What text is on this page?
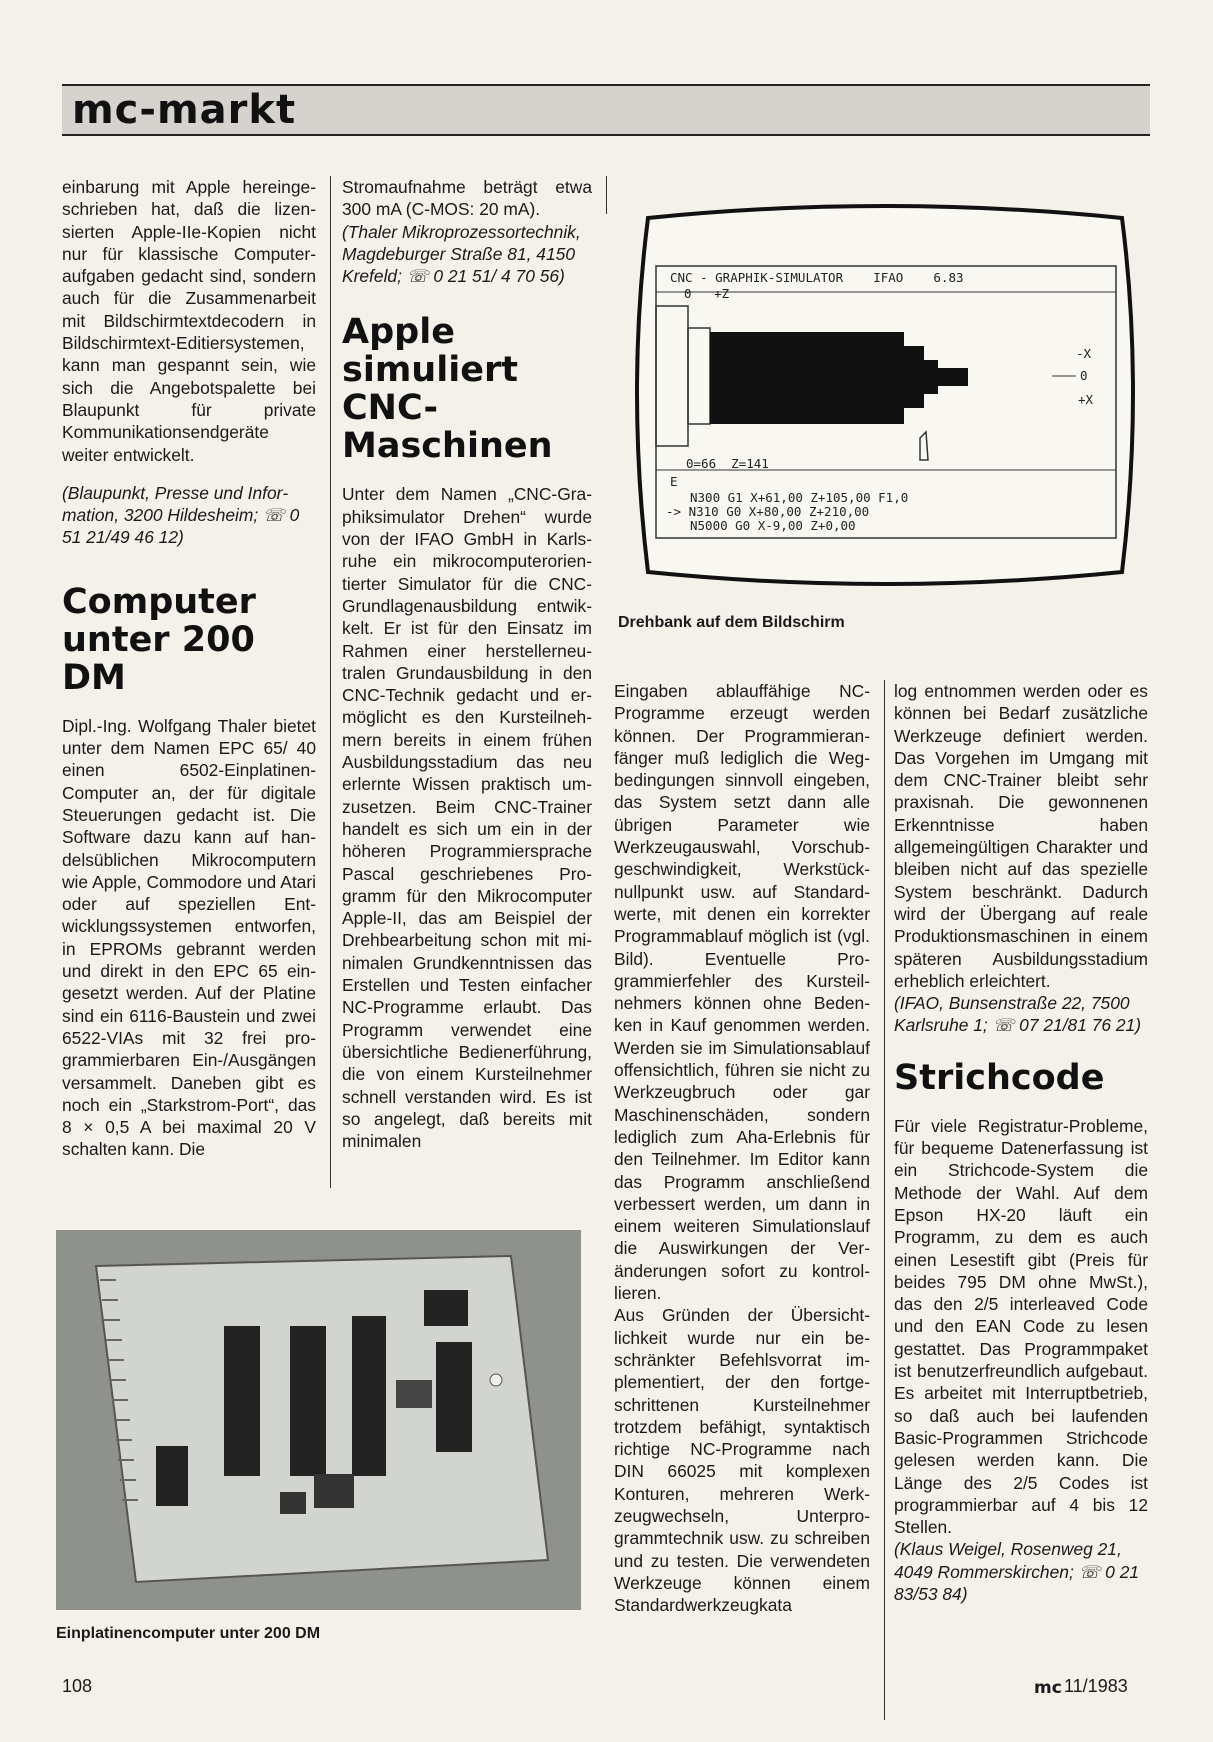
mc-markt

einbarung mit Apple hereingeschrieben hat, daß die lizensierten Apple-IIe-Kopien nicht nur für klassische Computeraufgaben gedacht sind, sondern auch für die Zusammenarbeit mit Bildschirmtextdecodern in Bildschirmtext-Editiersystemen, kann man gespannt sein, wie sich die Angebotspalette bei Blaupunkt für private Kommunikationsendgeräte weiter entwickelt.

(Blaupunkt, Presse und Information, 3200 Hildesheim; ☏ 0 51 21/49 46 12)

Computer unter 200 DM

Dipl.-Ing. Wolfgang Thaler bietet unter dem Namen EPC 65/ 40 einen 6502-Einplatinen-Computer an, der für digitale Steuerungen gedacht ist. Die Software dazu kann auf handelsüblichen Mikrocomputern wie Apple, Commodore und Atari oder auf speziellen Entwicklungssystemen entworfen, in EPROMs gebrannt werden und direkt in den EPC 65 eingesetzt werden. Auf der Platine sind ein 6116-Baustein und zwei 6522-VIAs mit 32 frei programmierbaren Ein-/Ausgängen versammelt. Daneben gibt es noch ein „Starkstrom-Port“, das 8 × 0,5 A bei maximal 20 V schalten kann. Die

Stromaufnahme beträgt etwa 300 mA (C-MOS: 20 mA).

(Thaler Mikroprozessortechnik, Magdeburger Straße 81, 4150 Krefeld; ☏ 0 21 51/ 4 70 56)

Apple simuliert CNC-Maschinen

Unter dem Namen „CNC-Graphiksimulator Drehen“ wurde von der IFAO GmbH in Karlsruhe ein mikrocomputerorientierter Simulator für die CNC-Grundlagenausbildung entwikkelt. Er ist für den Einsatz im Rahmen einer herstellerneutralen Grundausbildung in den CNC-Technik gedacht und ermöglicht es den Kursteilnehmern bereits in einem frühen Ausbildungsstadium das neu erlernte Wissen praktisch umzusetzen. Beim CNC-Trainer handelt es sich um ein in der höheren Programmiersprache Pascal geschriebenes Programm für den Mikrocomputer Apple-II, das am Beispiel der Drehbearbeitung schon mit minimalen Grundkenntnissen das Erstellen und Testen einfacher NC-Programme erlaubt. Das Programm verwendet eine übersichtliche Bedienerführung, die von einem Kursteilnehmer schnell verstanden wird. Es ist so angelegt, daß bereits mit minimalen

CNC - GRAPHIK-SIMULATOR    IFAO    6.83
0   +Z
-X
0
+X
0=66  Z=141
E
N300 G1 X+61,00 Z+105,00 F1,0
-> N310 G0 X+80,00 Z+210,00
N5000 G0 X-9,00 Z+0,00
Drehbank auf dem Bildschirm

Eingaben ablauffähige NC-Programme erzeugt werden können. Der Programmieranfänger muß lediglich die Wegbedingungen sinnvoll eingeben, das System setzt dann alle übrigen Parameter wie Werkzeugauswahl, Vorschubgeschwindigkeit, Werkstücknullpunkt usw. auf Standardwerte, mit denen ein korrekter Programmablauf möglich ist (vgl. Bild). Eventuelle Programmierfehler des Kursteilnehmers können ohne Bedenken in Kauf genommen werden. Werden sie im Simulationsablauf offensichtlich, führen sie nicht zu Werkzeugbruch oder gar Maschinenschäden, sondern lediglich zum Aha-Erlebnis für den Teilnehmer. Im Editor kann das Programm anschließend verbessert werden, um dann in einem weiteren Simulationslauf die Auswirkungen der Veränderungen sofort zu kontrollieren.

Aus Gründen der Übersichtlichkeit wurde nur ein beschränkter Befehlsvorrat implementiert, der den fortgeschrittenen Kursteilnehmer trotzdem befähigt, syntaktisch richtige NC-Programme nach DIN 66025 mit komplexen Konturen, mehreren Werkzeugwechseln, Unterprogrammtechnik usw. zu schreiben und zu testen. Die verwendeten Werkzeuge können einem Standardwerkzeugkata

log entnommen werden oder es können bei Bedarf zusätzliche Werkzeuge definiert werden. Das Vorgehen im Umgang mit dem CNC-Trainer bleibt sehr praxisnah. Die gewonnenen Erkenntnisse haben allgemeingültigen Charakter und bleiben nicht auf das spezielle System beschränkt. Dadurch wird der Übergang auf reale Produktionsmaschinen in einem späteren Ausbildungsstadium erheblich erleichtert.

(IFAO, Bunsenstraße 22, 7500 Karlsruhe 1; ☏ 07 21/81 76 21)

Strichcode

Für viele Registratur-Probleme, für bequeme Datenerfassung ist ein Strichcode-System die Methode der Wahl. Auf dem Epson HX-20 läuft ein Programm, zu dem es auch einen Lesestift gibt (Preis für beides 795 DM ohne MwSt.), das den 2/5 interleaved Code und den EAN Code zu lesen gestattet. Das Programmpaket ist benutzerfreundlich aufgebaut. Es arbeitet mit Interruptbetrieb, so daß auch bei laufenden Basic-Programmen Strichcode gelesen werden kann. Die Länge des 2/5 Codes ist programmierbar auf 4 bis 12 Stellen.

(Klaus Weigel, Rosenweg 21, 4049 Rommerskirchen; ☏ 0 21 83/53 84)

Einplatinencomputer unter 200 DM
108	mc 11/1983
